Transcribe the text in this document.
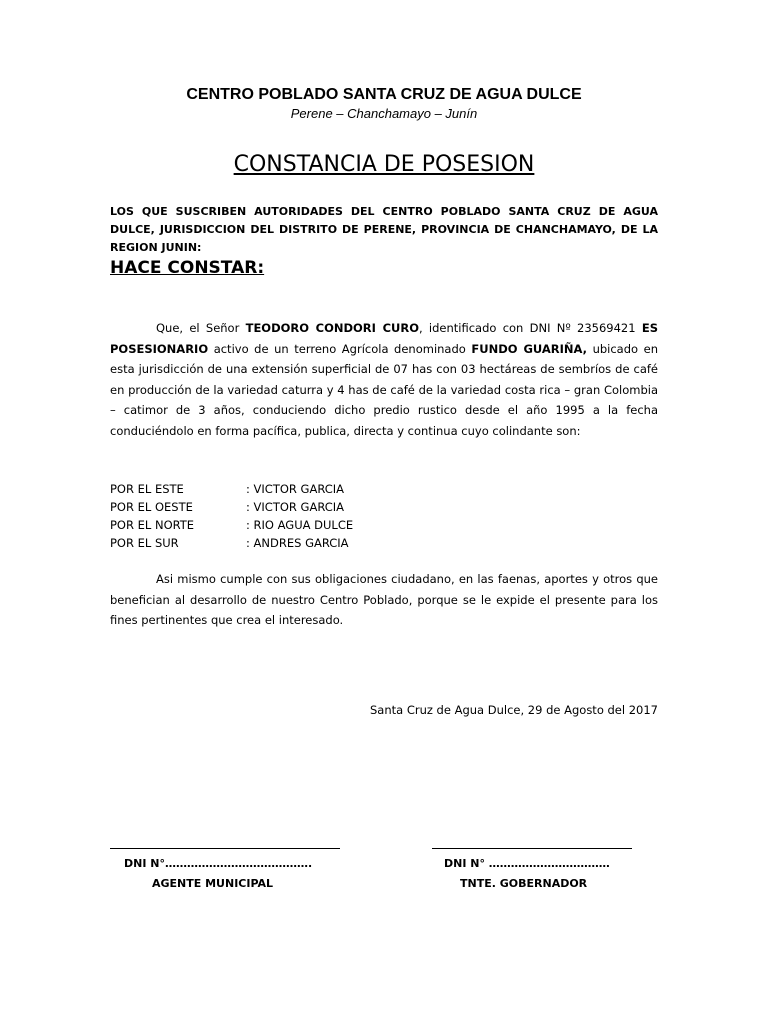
CENTRO POBLADO SANTA CRUZ DE AGUA DULCE
Perene – Chanchamayo – Junín
CONSTANCIA DE POSESION
LOS QUE SUSCRIBEN AUTORIDADES DEL CENTRO POBLADO SANTA CRUZ DE AGUA DULCE, JURISDICCION DEL DISTRITO DE PERENE, PROVINCIA DE CHANCHAMAYO, DE LA REGION JUNIN:
HACE CONSTAR:
Que, el Señor TEODORO CONDORI CURO, identificado con DNI Nº 23569421 ES POSESIONARIO activo de un terreno Agrícola denominado FUNDO GUARIÑA, ubicado en esta jurisdicción de una extensión superficial de 07 has con 03 hectáreas de sembríos de café en producción de la variedad caturra y 4 has de café de la variedad costa rica – gran Colombia – catimor de 3 años, conduciendo dicho predio rustico desde el año 1995 a la fecha conduciéndolo en forma pacífica, publica, directa y continua cuyo colindante son:
POR EL ESTE	: VICTOR GARCIA
POR EL OESTE	: VICTOR GARCIA
POR EL NORTE	: RIO AGUA DULCE
POR EL SUR	: ANDRES GARCIA
Asi mismo cumple con sus obligaciones ciudadano, en las faenas, aportes y otros que benefician al desarrollo de nuestro Centro Poblado, porque se le expide el presente para los fines pertinentes que crea el interesado.
Santa Cruz de Agua Dulce, 29 de Agosto del 2017
DNI N°………………………………….	DNI N° ……………………………
AGENTE MUNICIPAL	TNTE. GOBERNADOR
